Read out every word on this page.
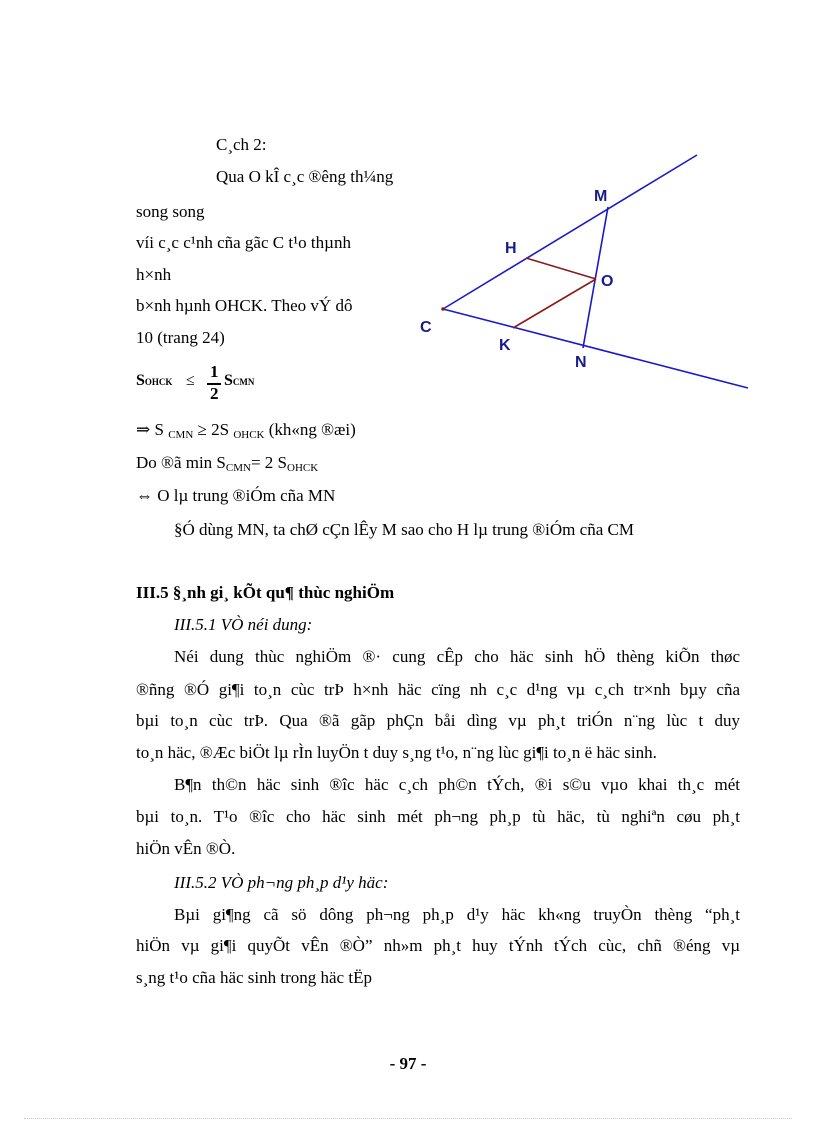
C¸ch 2:
Qua O kÎ c¸c ®êng th¼ng
song song
víi c¸c c¹nh cña gãc C t¹o thµnh
h×nh
b×nh hµnh OHCK. Theo vÝ dô
10 (trang 24)
SOHCK ≤ 1
2
SCMN
⇒ S $_{CMN}$ ≥ 2S $_{OHCK}$ (kh«ng ®æi)
Do ®ã $\min S_{CMN}= 2$ $S_{OHCK}$
⇔ O lµ trung ®iÓm cña MN
§Ó dùng MN, ta chØ cÇn lÊy M sao cho H lµ trung ®iÓm cña CM
III.5 §¸nh gi¸ kÕt qu¶ thùc nghiÖm
III.5.1 VÒ néi dung:
Néi dung thùc nghiÖm ®· cung cÊp cho häc sinh hÖ thèng kiÕn thøc
®ñng ®Ó gi¶i to¸n cùc trÞ h×nh häc cïng nh c¸c d¹ng vµ c¸ch tr×nh bµy cña
bµi to¸n cùc trÞ. Qua ®ã gãp phÇn båi dìng vµ ph¸t triÓn n¨ng lùc t duy
to¸n häc, ®Æc biÖt lµ rÌn luyÖn t duy s¸ng t¹o, n¨ng lùc gi¶i to¸n ë häc sinh.
B¶n th©n häc sinh ®îc häc c¸ch ph©n tÝch, ®i s©u vµo khai th¸c mét
bµi to¸n. T¹o ®îc cho häc sinh mét ph¬ng ph¸p tù häc, tù nghiªn cøu ph¸t
hiÖn vÊn ®Ò.
III.5.2 VÒ ph¬ng ph¸p d¹y häc:
Bµi gi¶ng cã sö dông ph¬ng ph¸p d¹y häc kh«ng truyÒn thèng “ph¸t
hiÖn vµ gi¶i quyÕt vÊn ®Ò” nh»m ph¸t huy tÝnh tÝch cùc, chñ ®éng vµ
s¸ng t¹o cña häc sinh trong häc tËp
M
H
O
C
K
N
- 97 -
